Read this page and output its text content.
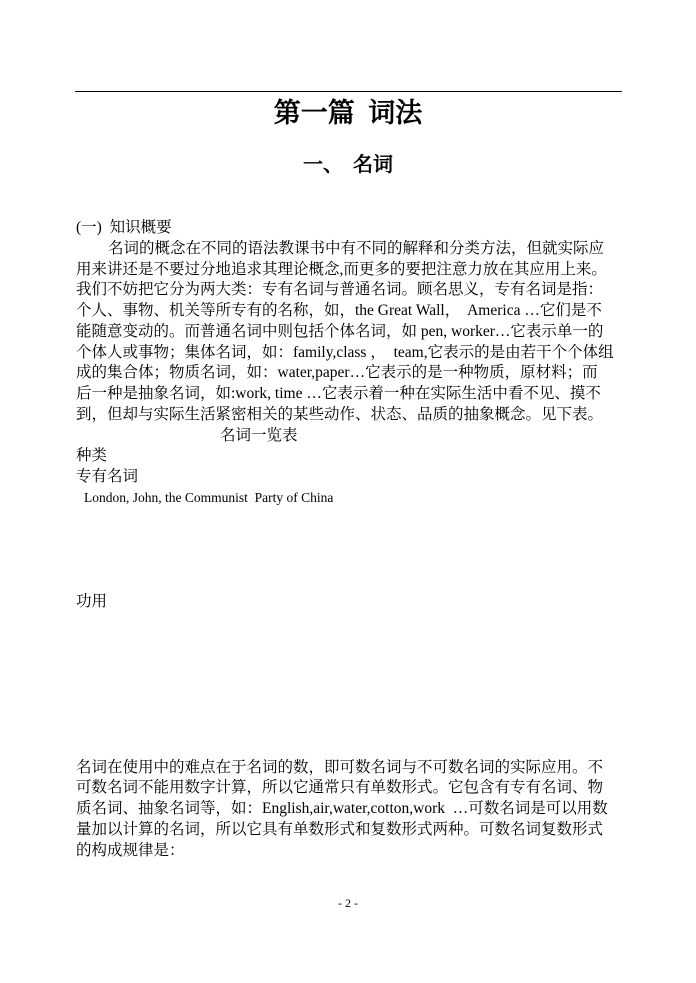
第一篇  词法
一、  名词
(一)  知识概要
名词的概念在不同的语法教课书中有不同的解释和分类方法，但就实际应
用来讲还是不要过分地追求其理论概念,而更多的要把注意力放在其应用上来。
我们不妨把它分为两大类：专有名词与普通名词。顾名思义，专有名词是指：
个人、事物、机关等所专有的名称，如，the Great Wall，  America …它们是不
能随意变动的。而普通名词中则包括个体名词，如 pen, worker…它表示单一的
个体人或事物；集体名词，如：family,class ，  team,它表示的是由若干个个体组
成的集合体；物质名词，如：water,paper…它表示的是一种物质，原材料；而
后一种是抽象名词，如:work, time …它表示着一种在实际生活中看不见、摸不
到，但却与实际生活紧密相关的某些动作、状态、品质的抽象概念。见下表。
名词一览表
种类
专有名词
London, John, the Communist  Party of China

功用

名词在使用中的难点在于名词的数，即可数名词与不可数名词的实际应用。不
可数名词不能用数字计算，所以它通常只有单数形式。它包含有专有名词、物
质名词、抽象名词等，如：English,air,water,cotton,work  …可数名词是可以用数
量加以计算的名词，所以它具有单数形式和复数形式两种。可数名词复数形式
的构成规律是：

- 2 -
